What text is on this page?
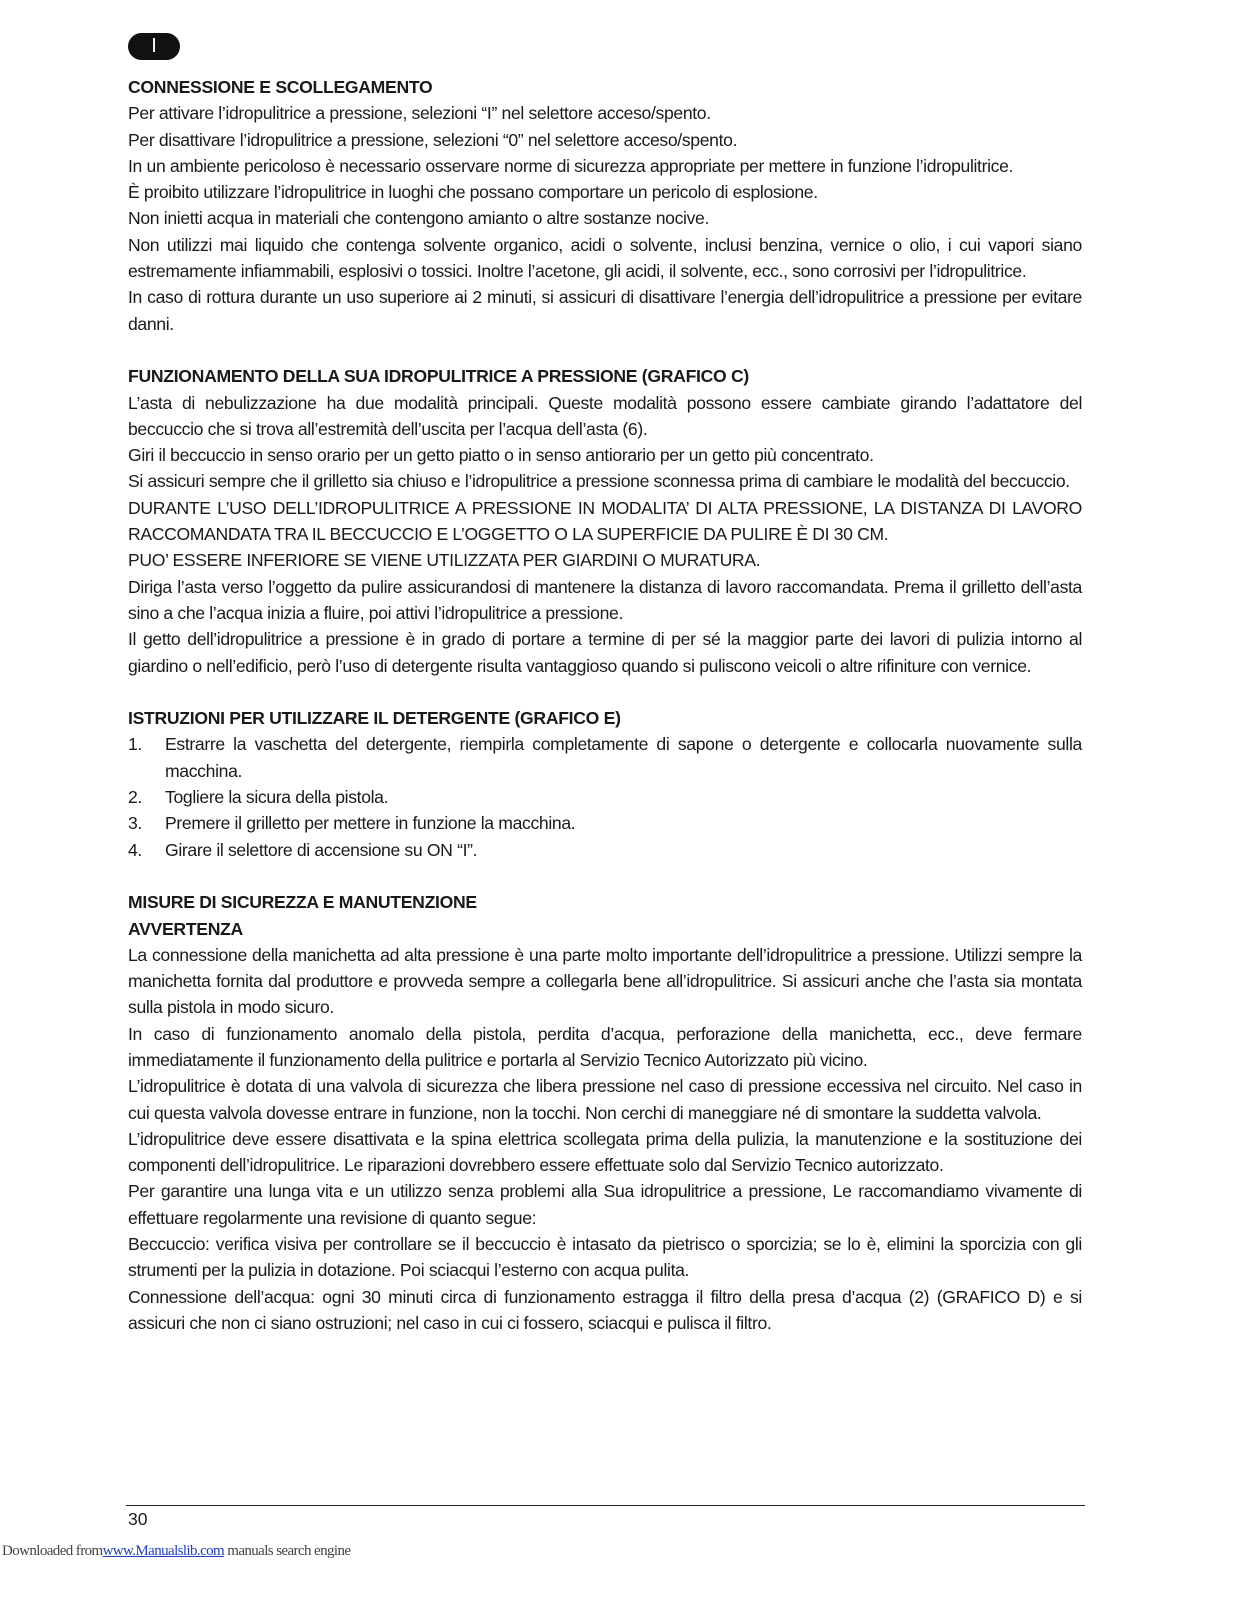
I
CONNESSIONE E SCOLLEGAMENTO

Per attivare l’idropulitrice a pressione, selezioni “I” nel selettore acceso/spento.

Per disattivare l’idropulitrice a pressione, selezioni “0” nel selettore acceso/spento.

In un ambiente pericoloso è necessario osservare norme di sicurezza appropriate per mettere in funzione l’idropulitrice.

È proibito utilizzare l’idropulitrice in luoghi che possano comportare un pericolo di esplosione.

Non inietti acqua in materiali che contengono amianto o altre sostanze nocive.

Non utilizzi mai liquido che contenga solvente organico, acidi o solvente, inclusi benzina, vernice o olio, i cui vapori siano estremamente infiammabili, esplosivi o tossici. Inoltre l’acetone, gli acidi, il solvente, ecc., sono corrosivi per l’idropulitrice.

In caso di rottura durante un uso superiore ai 2 minuti, si assicuri di disattivare l’energia dell’idropulitrice a pressione per evitare danni.

FUNZIONAMENTO DELLA SUA IDROPULITRICE A PRESSIONE (GRAFICO C)

L’asta di nebulizzazione ha due modalità principali. Queste modalità possono essere cambiate girando l’adattatore del beccuccio che si trova all’estremità dell’uscita per l’acqua dell’asta (6).

Giri il beccuccio in senso orario per un getto piatto o in senso antiorario per un getto più concentrato.

Si assicuri sempre che il grilletto sia chiuso e l’idropulitrice a pressione sconnessa prima di cambiare le modalità del beccuccio.

DURANTE L’USO DELL’IDROPULITRICE A PRESSIONE IN MODALITA’ DI ALTA PRESSIONE, LA DISTANZA DI LAVORO RACCOMANDATA TRA IL BECCUCCIO E L’OGGETTO O LA SUPERFICIE DA PULIRE È DI 30 CM.

PUO’ ESSERE INFERIORE SE VIENE UTILIZZATA PER GIARDINI O MURATURA.

Diriga l’asta verso l’oggetto da pulire assicurandosi di mantenere la distanza di lavoro raccomandata. Prema il grilletto dell’asta sino a che l’acqua inizia a fluire, poi attivi l’idropulitrice a pressione.

Il getto dell’idropulitrice a pressione è in grado di portare a termine di per sé la maggior parte dei lavori di pulizia intorno al giardino o nell’edificio, però l’uso di detergente risulta vantaggioso quando si puliscono veicoli o altre rifiniture con vernice.

ISTRUZIONI PER UTILIZZARE IL DETERGENTE (GRAFICO E)
1.	Estrarre la vaschetta del detergente, riempirla completamente di sapone o detergente e collocarla nuovamente sulla macchina.
2.	Togliere la sicura della pistola.
3.	Premere il grilletto per mettere in funzione la macchina.
4.	Girare il selettore di accensione su ON “I”.
MISURE DI SICUREZZA E MANUTENZIONE
AVVERTENZA

La connessione della manichetta ad alta pressione è una parte molto importante dell’idropulitrice a pressione. Utilizzi sempre la manichetta fornita dal produttore e provveda sempre a collegarla bene all’idropulitrice. Si assicuri anche che l’asta sia montata sulla pistola in modo sicuro.

In caso di funzionamento anomalo della pistola, perdita d’acqua, perforazione della manichetta, ecc., deve fermare immediatamente il funzionamento della pulitrice e portarla al Servizio Tecnico Autorizzato più vicino.

L’idropulitrice è dotata di una valvola di sicurezza che libera pressione nel caso di pressione eccessiva nel circuito. Nel caso in cui questa valvola dovesse entrare in funzione, non la tocchi. Non cerchi di maneggiare né di smontare la suddetta valvola.

L’idropulitrice deve essere disattivata e la spina elettrica scollegata prima della pulizia, la manutenzione e la sostituzione dei componenti dell’idropulitrice. Le riparazioni dovrebbero essere effettuate solo dal Servizio Tecnico autorizzato.

Per garantire una lunga vita e un utilizzo senza problemi alla Sua idropulitrice a pressione, Le raccomandiamo vivamente di effettuare regolarmente una revisione di quanto segue:

Beccuccio: verifica visiva per controllare se il beccuccio è intasato da pietrisco o sporcizia; se lo è, elimini la sporcizia con gli strumenti per la pulizia in dotazione. Poi sciacqui l’esterno con acqua pulita.

Connessione dell’acqua: ogni 30 minuti circa di funzionamento estragga il filtro della presa d’acqua (2) (GRAFICO D) e si assicuri che non ci siano ostruzioni; nel caso in cui ci fossero, sciacqui e pulisca il filtro.

30
Downloaded fromwww.Manualslib.com manuals search engine
